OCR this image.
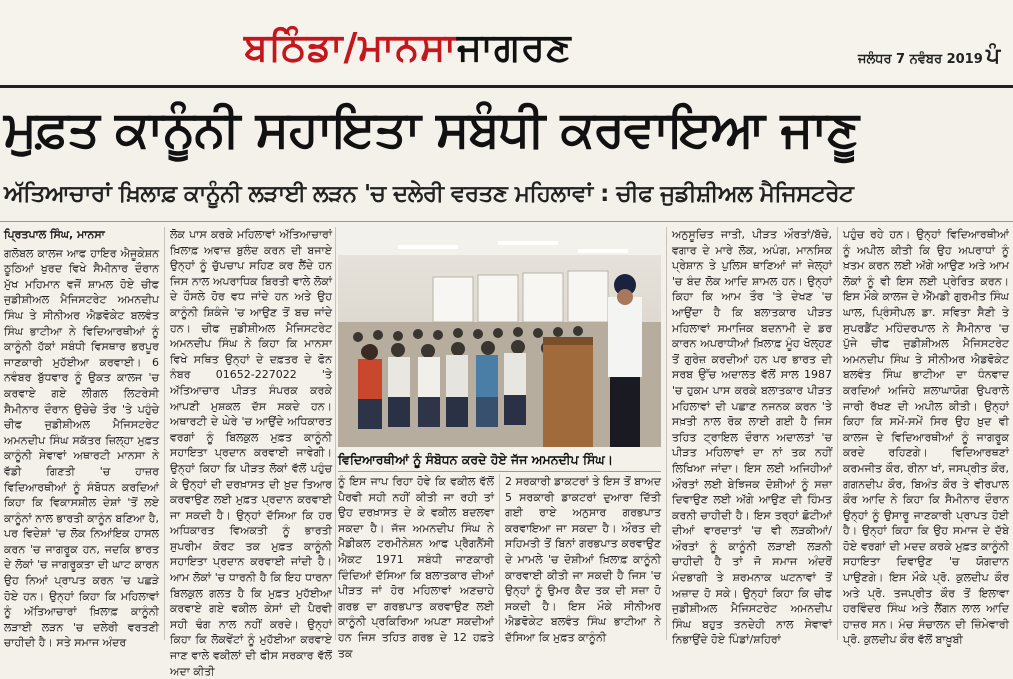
ਬਠਿੰਡਾ/ਮਾਨਸਾਜਾਗਰਣ	ਜਲੰਧਰ 7 ਨਵੰਬਰ 2019 ਪੰ
ਮੁਫ਼ਤ ਕਾਨੂੰਨੀ ਸਹਾਇਤਾ ਸਬੰਧੀ ਕਰਵਾਇਆ ਜਾਣੂ
ਅੱਤਿਆਚਾਰਾਂ ਖ਼ਿਲਾਫ਼ ਕਾਨੂੰਨੀ ਲੜਾਈ ਲੜਨ 'ਚ ਦਲੇਰੀ ਵਰਤਣ ਮਹਿਲਾਵਾਂ : ਚੀਫ ਜੁਡੀਸ਼ੀਅਲ ਮੈਜਿਸਟਰੇਟ

ਪ੍ਰਿਤਪਾਲ ਸਿੰਘ, ਮਾਨਸਾ

ਗਲੋਬਲ ਕਾਲਜ ਆਫ ਹਾਇਰ ਐਜੂਕੇਸ਼ਨ ਠੂਠਿਆਂ ਖੁਰਦ ਵਿਖੇ ਸੈਮੀਨਾਰ ਦੌਰਾਨ ਮੁੱਖ ਮਹਿਮਾਨ ਵਜੋਂ ਸ਼ਾਮਲ ਹੋਏ ਚੀਫ ਜੁਡੀਸ਼ੀਅਲ ਮੈਜਿਸਟਰੇਟ ਅਮਨਦੀਪ ਸਿੰਘ ਤੇ ਸੀਨੀਅਰ ਐਡਵੋਕੇਟ ਬਲਵੰਤ ਸਿੰਘ ਭਾਟੀਆ ਨੇ ਵਿਦਿਆਰਥੀਆਂ ਨੂੰ ਕਾਨੂੰਨੀ ਹੱਕਾਂ ਸਬੰਧੀ ਵਿਸਥਾਰ ਭਰਪੂਰ ਜਾਣਕਾਰੀ ਮੁਹੱਈਆ ਕਰਵਾਈ। 6 ਨਵੰਬਰ ਬੁੱਧਵਾਰ ਨੂੰ ਉਕਤ ਕਾਲਜ 'ਚ ਕਰਵਾਏ ਗਏ ਲੀਗਲ ਲਿਟਰੇਸੀ ਸੈਮੀਨਾਰ ਦੌਰਾਨ ਉਚੇਚੇ ਤੌਰ 'ਤੇ ਪਹੁੰਚੇ ਚੀਫ ਜੁਡੀਸ਼ੀਅਲ ਮੈਜਿਸਟਰੇਟ ਅਮਨਦੀਪ ਸਿੰਘ ਸਕੱਤਰ ਜ਼ਿਲ੍ਹਾ ਮੁਫ਼ਤ ਕਾਨੂੰਨੀ ਸੇਵਾਵਾਂ ਅਥਾਰਟੀ ਮਾਨਸਾ ਨੇ ਵੱਡੀ ਗਿਣਤੀ 'ਚ ਹਾਜ਼ਰ ਵਿਦਿਆਰਥੀਆਂ ਨੂੰ ਸੰਬੋਧਨ ਕਰਦਿਆਂ ਕਿਹਾ ਕਿ ਵਿਕਾਸਸ਼ੀਲ ਦੇਸ਼ਾਂ 'ਤੋਂ ਲਏ ਕਾਨੂੰਨਾਂ ਨਾਲ ਭਾਰਤੀ ਕਾਨੂੰਨ ਬਣਿਆ ਹੈ, ਪਰ ਵਿਦੇਸ਼ਾਂ 'ਚ ਲੋਕ ਨਿਆਂਇਕ ਹਾਸਲ ਕਰਨ 'ਚ ਜਾਗਰੂਕ ਹਨ, ਜਦਕਿ ਭਾਰਤ ਦੇ ਲੋਕਾਂ 'ਚ ਜਾਗਰੂਕਤਾ ਦੀ ਘਾਟ ਕਾਰਨ ਉਹ ਨਿਆਂ ਪ੍ਰਾਪਤ ਕਰਨ 'ਚ ਪਛੜੇ ਹੋਏ ਹਨ। ਉਨ੍ਹਾਂ ਕਿਹਾ ਕਿ ਮਹਿਲਾਵਾਂ ਨੂੰ ਅੱਤਿਆਚਾਰਾਂ ਖ਼ਿਲਾਫ਼ ਕਾਨੂੰਨੀ ਲੜਾਈ ਲੜਨ 'ਚ ਦਲੇਰੀ ਵਰਤਣੀ ਚਾਹੀਦੀ ਹੈ। ਸਤੇ ਸਮਾਜ ਅੰਦਰ

ਲੋਕ ਪਾਸ ਕਰਕੇ ਮਹਿਲਾਵਾਂ ਅੱਤਿਆਚਾਰਾਂ ਖ਼ਿਲਾਫ਼ ਅਵਾਜ਼ ਬੁਲੰਦ ਕਰਨ ਦੀ ਬਜਾਏ ਉਨ੍ਹਾਂ ਨੂੰ ਚੁੱਪਚਾਪ ਸਹਿਣ ਕਰ ਲੈਂਦੇ ਹਨ ਜਿਸ ਨਾਲ ਅਪਰਾਧਿਕ ਬਿਰਤੀ ਵਾਲੇ ਲੋਕਾਂ ਦੇ ਹੌਸਲੇ ਹੋਰ ਵਧ ਜਾਂਦੇ ਹਨ ਅਤੇ ਉਹ ਕਾਨੂੰਨੀ ਸ਼ਿਕੰਜੇ 'ਚ ਆਉਣ ਤੋਂ ਬਚ ਜਾਂਦੇ ਹਨ। ਚੀਫ ਜੁਡੀਸ਼ੀਅਲ ਮੈਜਿਸਟਰੇਟ ਅਮਨਦੀਪ ਸਿੰਘ ਨੇ ਕਿਹਾ ਕਿ ਮਾਨਸਾ ਵਿਖੇ ਸਥਿਤ ਉਨ੍ਹਾਂ ਦੇ ਦਫ਼ਤਰ ਦੇ ਫੋਨ ਨੰਬਰ 01652-227022 'ਤੇ ਅੱਤਿਆਚਾਰ ਪੀੜਤ ਸੰਪਰਕ ਕਰਕੇ ਆਪਣੀ ਮੁਸ਼ਕਲ ਦੱਸ ਸਕਦੇ ਹਨ। ਅਥਾਰਟੀ ਦੇ ਘੇਰੇ 'ਚ ਆਉਂਦੇ ਅਧਿਕਾਰਤ ਵਰਗਾਂ ਨੂੰ ਬਿਲਕੁਲ ਮੁਫ਼ਤ ਕਾਨੂੰਨੀ ਸਹਾਇਤਾ ਪ੍ਰਦਾਨ ਕਰਵਾਈ ਜਾਵੇਗੀ। ਉਨ੍ਹਾਂ ਕਿਹਾ ਕਿ ਪੀੜਤ ਲੋਕਾਂ ਵੱਲੋਂ ਪਹੁੰਚ ਕੇ ਉਨ੍ਹਾਂ ਦੀ ਦਰਖ਼ਾਸਤ ਦੀ ਖ਼ੁਦ ਤਿਆਰ ਕਰਵਾਉਣ ਲਈ ਮੁਫ਼ਤ ਪ੍ਰਦਾਨ ਕਰਵਾਈ ਜਾ ਸਕਦੀ ਹੈ। ਉਨ੍ਹਾਂ ਦੱਸਿਆ ਕਿ ਹਰ ਅਧਿਕਾਰਤ ਵਿਅਕਤੀ ਨੂੰ ਭਾਰਤੀ ਸੁਪਰੀਮ ਕੋਰਟ ਤਕ ਮੁਫ਼ਤ ਕਾਨੂੰਨੀ ਸਹਾਇਤਾ ਪ੍ਰਦਾਨ ਕਰਵਾਈ ਜਾਂਦੀ ਹੈ। ਆਮ ਲੋਕਾਂ 'ਚ ਧਾਰਨੀ ਹੈ ਕਿ ਇਹ ਧਾਰਨਾ ਬਿਲਕੁਲ ਗਲਤ ਹੈ ਕਿ ਮੁਫ਼ਤ ਮੁਹੱਈਆ ਕਰਵਾਏ ਗਏ ਵਕੀਲ ਕੇਸਾਂ ਦੀ ਪੈਰਵੀ ਸਹੀ ਢੰਗ ਨਾਲ ਨਹੀਂ ਕਰਦੇ। ਉਨ੍ਹਾਂ ਕਿਹਾ ਕਿ ਲੋਕਵੇਂਟਾਂ ਨੂੰ ਮੁਹੱਈਆ ਕਰਵਾਏ ਜਾਣ ਵਾਲੇ ਵਕੀਲਾਂ ਦੀ ਫੀਸ ਸਰਕਾਰ ਵੱਲੋਂ ਅਦਾ ਕੀਤੀ

ਵਿਦਿਆਰਥੀਆਂ ਨੂੰ ਸੰਬੋਧਨ ਕਰਦੇ ਹੋਏ ਜੱਜ ਅਮਨਦੀਪ ਸਿੰਘ।

ਨੂੰ ਇਸ ਜਾਪ ਰਿਹਾ ਹੋਵੇ ਕਿ ਵਕੀਲ ਵੱਲੋਂ ਪੈਰਵੀ ਸਹੀ ਨਹੀਂ ਕੀਤੀ ਜਾ ਰਹੀ ਤਾਂ ਉਹ ਦਰਖ਼ਾਸਤ ਦੇ ਕੇ ਵਕੀਲ ਬਦਲਵਾ ਸਕਦਾ ਹੈ। ਜੱਜ ਅਮਨਦੀਪ ਸਿੰਘ ਨੇ ਮੈਡੀਕਲ ਟਰਮੀਨੇਸ਼ਨ ਆਫ ਪ੍ਰੈਗਨੈਂਸੀ ਐਕਟ 1971 ਸਬੰਧੀ ਜਾਣਕਾਰੀ ਦਿੰਦਿਆਂ ਦੱਸਿਆ ਕਿ ਬਲਾਤਕਾਰ ਦੀਆਂ ਪੀੜਤ ਜਾਂ ਹੋਰ ਮਹਿਲਾਵਾਂ ਅਣਚਾਹੇ ਗਰਭ ਦਾ ਗਰਭਪਾਤ ਕਰਵਾਉਣ ਲਈ ਕਾਨੂੰਨੀ ਪ੍ਰਕਿਰਿਆ ਅਪਣਾ ਸਕਦੀਆਂ ਹਨ ਜਿਸ ਤਹਿਤ ਗਰਭ ਦੇ 12 ਹਫ਼ਤੇ ਤਕ

2 ਸਰਕਾਰੀ ਡਾਕਟਰਾਂ ਤੇ ਇਸ ਤੋਂ ਬਾਅਦ 5 ਸਰਕਾਰੀ ਡਾਕਟਰਾਂ ਦੁਆਰਾ ਦਿੱਤੀ ਗਈ ਰਾਏ ਅਨੁਸਾਰ ਗਰਭਪਾਤ ਕਰਵਾਇਆ ਜਾ ਸਕਦਾ ਹੈ। ਔਰਤ ਦੀ ਸਹਿਮਤੀ ਤੋਂ ਬਿਨਾਂ ਗਰਭਪਾਤ ਕਰਵਾਉਣ ਦੇ ਮਾਮਲੇ 'ਚ ਦੋਸ਼ੀਆਂ ਖ਼ਿਲਾਫ਼ ਕਾਨੂੰਨੀ ਕਾਰਵਾਈ ਕੀਤੀ ਜਾ ਸਕਦੀ ਹੈ ਜਿਸ 'ਚ ਉਨ੍ਹਾਂ ਨੂੰ ਉਮਰ ਕੈਦ ਤਕ ਦੀ ਸਜ਼ਾ ਹੋ ਸਕਦੀ ਹੈ। ਇਸ ਮੌਕੇ ਸੀਨੀਅਰ ਐਡਵੋਕੇਟ ਬਲਵੰਤ ਸਿੰਘ ਭਾਟੀਆ ਨੇ ਦੱਸਿਆ ਕਿ ਮੁਫ਼ਤ ਕਾਨੂੰਨੀ

ਅਨੁਸੂਚਿਤ ਜਾਤੀ, ਪੀੜਤ ਔਰਤਾਂ/ਬੱਚੇ, ਵਗਾਰ ਦੇ ਮਾਰੇ ਲੋਕ, ਅਪੰਗ, ਮਾਨਸਿਕ ਪ੍ਰੇਸ਼ਾਨ ਤੇ ਪੁਲਿਸ ਥਾਣਿਆਂ ਜਾਂ ਜੇਲ੍ਹਾਂ 'ਚ ਬੰਦ ਲੋਕ ਆਦਿ ਸ਼ਾਮਲ ਹਨ। ਉਨ੍ਹਾਂ ਕਿਹਾ ਕਿ ਆਮ ਤੌਰ 'ਤੇ ਦੇਖਣ 'ਚ ਆਉਂਦਾ ਹੈ ਕਿ ਬਲਾਤਕਾਰ ਪੀੜਤ ਮਹਿਲਾਵਾਂ ਸਮਾਜਿਕ ਬਦਨਾਮੀ ਦੇ ਡਰ ਕਾਰਨ ਅਪਰਾਧੀਆਂ ਖ਼ਿਲਾਫ਼ ਮੂੰਹ ਖੋਲ੍ਹਣ ਤੋਂ ਗੁਰੇਜ਼ ਕਰਦੀਆਂ ਹਨ ਪਰ ਭਾਰਤ ਦੀ ਸਰਬ ਉੱਚ ਅਦਾਲਤ ਵੱਲੋਂ ਸਾਲ 1987 'ਚ ਹੁਕਮ ਪਾਸ ਕਰਕੇ ਬਲਾਤਕਾਰ ਪੀੜਤ ਮਹਿਲਾਵਾਂ ਦੀ ਪਛਾਣ ਨਜਨਕ ਕਰਨ 'ਤੇ ਸਖ਼ਤੀ ਨਾਲ ਰੋਕ ਲਾਈ ਗਈ ਹੈ ਜਿਸ ਤਹਿਤ ਟ੍ਰਾਇਲ ਦੌਰਾਨ ਅਦਾਲਤਾਂ 'ਚ ਪੀੜਤ ਮਹਿਲਾਵਾਂ ਦਾ ਨਾਂ ਤਕ ਨਹੀਂ ਲਿਖਿਆ ਜਾਂਦਾ। ਇਸ ਲਈ ਅਜਿਹੀਆਂ ਔਰਤਾਂ ਲਈ ਬੇਝਿਜਕ ਦੋਸ਼ੀਆਂ ਨੂੰ ਸਜ਼ਾ ਦਿਵਾਉਣ ਲਈ ਅੱਗੇ ਆਉਣ ਦੀ ਹਿੰਮਤ ਕਰਨੀ ਚਾਹੀਦੀ ਹੈ। ਇਸ ਤਰ੍ਹਾਂ ਛੋਟੀਆਂ ਦੀਆਂ ਵਾਰਦਾਤਾਂ 'ਚ ਵੀ ਲੜਕੀਆਂ/ਔਰਤਾਂ ਨੂੰ ਕਾਨੂੰਨੀ ਲੜਾਈ ਲੜਨੀ ਚਾਹੀਦੀ ਹੈ ਤਾਂ ਜੋ ਸਮਾਜ ਅੰਦਰੋਂ ਮੰਦਭਾਗੀ ਤੇ ਸ਼ਰਮਨਾਕ ਘਟਨਾਵਾਂ ਤੋਂ ਅਜ਼ਾਦ ਹੋ ਸਕੇ। ਉਨ੍ਹਾਂ ਕਿਹਾ ਕਿ ਚੀਫ ਜੁਡੀਸ਼ੀਅਲ ਮੈਜਿਸਟਰੇਟ ਅਮਨਦੀਪ ਸਿੰਘ ਬਹੁਤ ਤਨਦੇਹੀ ਨਾਲ ਸੇਵਾਵਾਂ ਨਿਭਾਉਂਦੇ ਹੋਏ ਪਿੰਡਾਂ/ਸ਼ਹਿਰਾਂ

ਪਹੁੰਚ ਰਹੇ ਹਨ। ਉਨ੍ਹਾਂ ਵਿਦਿਆਰਥੀਆਂ ਨੂੰ ਅਪੀਲ ਕੀਤੀ ਕਿ ਉਹ ਅਪਰਾਧਾਂ ਨੂੰ ਖ਼ਤਮ ਕਰਨ ਲਈ ਅੱਗੇ ਆਉਣ ਅਤੇ ਆਮ ਲੋਕਾਂ ਨੂੰ ਵੀ ਇਸ ਲਈ ਪ੍ਰੇਰਿਤ ਕਰਨ। ਇਸ ਮੌਕੇ ਕਾਲਜ ਦੇ ਐੱਮਡੀ ਗੁਰਮੀਤ ਸਿੰਘ ਘਾਲ, ਪ੍ਰਿੰਸੀਪਲ ਡਾ. ਸਵਿਤਾ ਸੈਣੀ ਤੇ ਸੁਪਰਡੈਂਟ ਮਹਿੰਦਰਪਾਲ ਨੇ ਸੈਮੀਨਾਰ 'ਚ ਪੁੱਜੇ ਚੀਫ ਜੁਡੀਸ਼ੀਅਲ ਮੈਜਿਸਟਰੇਟ ਅਮਨਦੀਪ ਸਿੰਘ ਤੇ ਸੀਨੀਅਰ ਐਡਵੋਕੇਟ ਬਲਵੰਤ ਸਿੰਘ ਭਾਟੀਆ ਦਾ ਧੰਨਵਾਦ ਕਰਦਿਆਂ ਅਜਿਹੇ ਸ਼ਲਾਘਾਯੋਗ ਉਪਰਾਲੇ ਜਾਰੀ ਰੱਖਣ ਦੀ ਅਪੀਲ ਕੀਤੀ। ਉਨ੍ਹਾਂ ਕਿਹਾ ਕਿ ਸਮੇਂ-ਸਮੇਂ ਸਿਰ ਉਹ ਖ਼ੁਦ ਵੀ ਕਾਲਜ ਦੇ ਵਿਦਿਆਰਥੀਆਂ ਨੂੰ ਜਾਗਰੂਕ ਕਰਦੇ ਰਹਿਣਗੇ। ਵਿਦਿਆਰਥਣਾਂ ਕਰਮਜੀਤ ਕੌਰ, ਰੀਨਾ ਖਾਂ, ਜਸਪ੍ਰੀਤ ਕੌਰ, ਗਗਨਦੀਪ ਕੌਰ, ਬਿਅੰਤ ਕੌਰ ਤੇ ਵੀਰਪਾਲ ਕੌਰ ਆਦਿ ਨੇ ਕਿਹਾ ਕਿ ਸੈਮੀਨਾਰ ਦੌਰਾਨ ਉਨ੍ਹਾਂ ਨੂੰ ਉਸਾਰੂ ਜਾਣਕਾਰੀ ਪ੍ਰਾਪਤ ਹੋਈ ਹੈ। ਉਨ੍ਹਾਂ ਕਿਹਾ ਕਿ ਉਹ ਸਮਾਜ ਦੇ ਦੱਬੇ ਹੋਏ ਵਰਗਾਂ ਦੀ ਮਦਦ ਕਰਕੇ ਮੁਫ਼ਤ ਕਾਨੂੰਨੀ ਸਹਾਇਤਾ ਦਿਵਾਉਣ 'ਚ ਯੋਗਦਾਨ ਪਾਉਣਗੇ। ਇਸ ਮੌਕੇ ਪ੍ਰੋ. ਕੁਲਦੀਪ ਕੌਰ ਅਤੇ ਪ੍ਰੋ. ਤਜਪ੍ਰੀਤ ਕੌਰ ਤੋਂ ਇਲਾਵਾ ਹਰਵਿੰਦਰ ਸਿੰਘ ਅਤੇ ਲੈਂਗਨ ਲਾਲ ਆਦਿ ਹਾਜ਼ਰ ਸਨ। ਮੰਚ ਸੰਚਾਲਨ ਦੀ ਜ਼ਿੰਮੇਵਾਰੀ ਪ੍ਰੋ. ਕੁਲਦੀਪ ਕੌਰ ਵੱਲੋਂ ਬਾਖ਼ੂਬੀ
